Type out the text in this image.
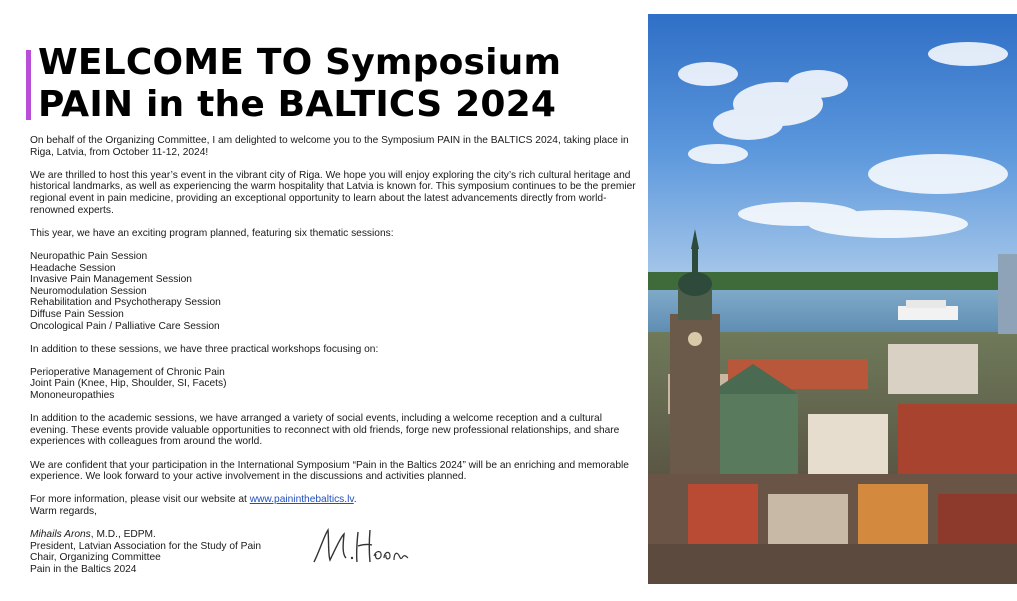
WELCOME TO Symposium
PAIN in the BALTICS 2024

On behalf of the Organizing Committee, I am delighted to welcome you to the Symposium PAIN in the BALTICS 2024, taking place in Riga, Latvia, from October 11-12, 2024!

We are thrilled to host this year’s event in the vibrant city of Riga. We hope you will enjoy exploring the city’s rich cultural heritage and historical landmarks, as well as experiencing the warm hospitality that Latvia is known for. This symposium continues to be the premier regional event in pain medicine, providing an exceptional opportunity to learn about the latest advancements directly from world-renowned experts.

This year, we have an exciting program planned, featuring six thematic sessions:

Neuropathic Pain Session
Headache Session
Invasive Pain Management Session
Neuromodulation Session
Rehabilitation and Psychotherapy Session
Diffuse Pain Session
Oncological Pain / Palliative Care Session

In addition to these sessions, we have three practical workshops focusing on:

Perioperative Management of Chronic Pain
Joint Pain (Knee, Hip, Shoulder, SI, Facets)
Mononeuropathies

In addition to the academic sessions, we have arranged a variety of social events, including a welcome reception and a cultural evening. These events provide valuable opportunities to reconnect with old friends, forge new professional relationships, and share experiences with colleagues from around the world.

We are confident that your participation in the International Symposium “Pain in the Baltics 2024” will be an enriching and memorable experience. We look forward to your active involvement in the discussions and activities planned.

For more information, please visit our website at www.paininthebaltics.lv.

Warm regards,

Mihails Arons, M.D., EDPM.

President, Latvian Association for the Study of Pain

Chair, Organizing Committee

Pain in the Baltics 2024
